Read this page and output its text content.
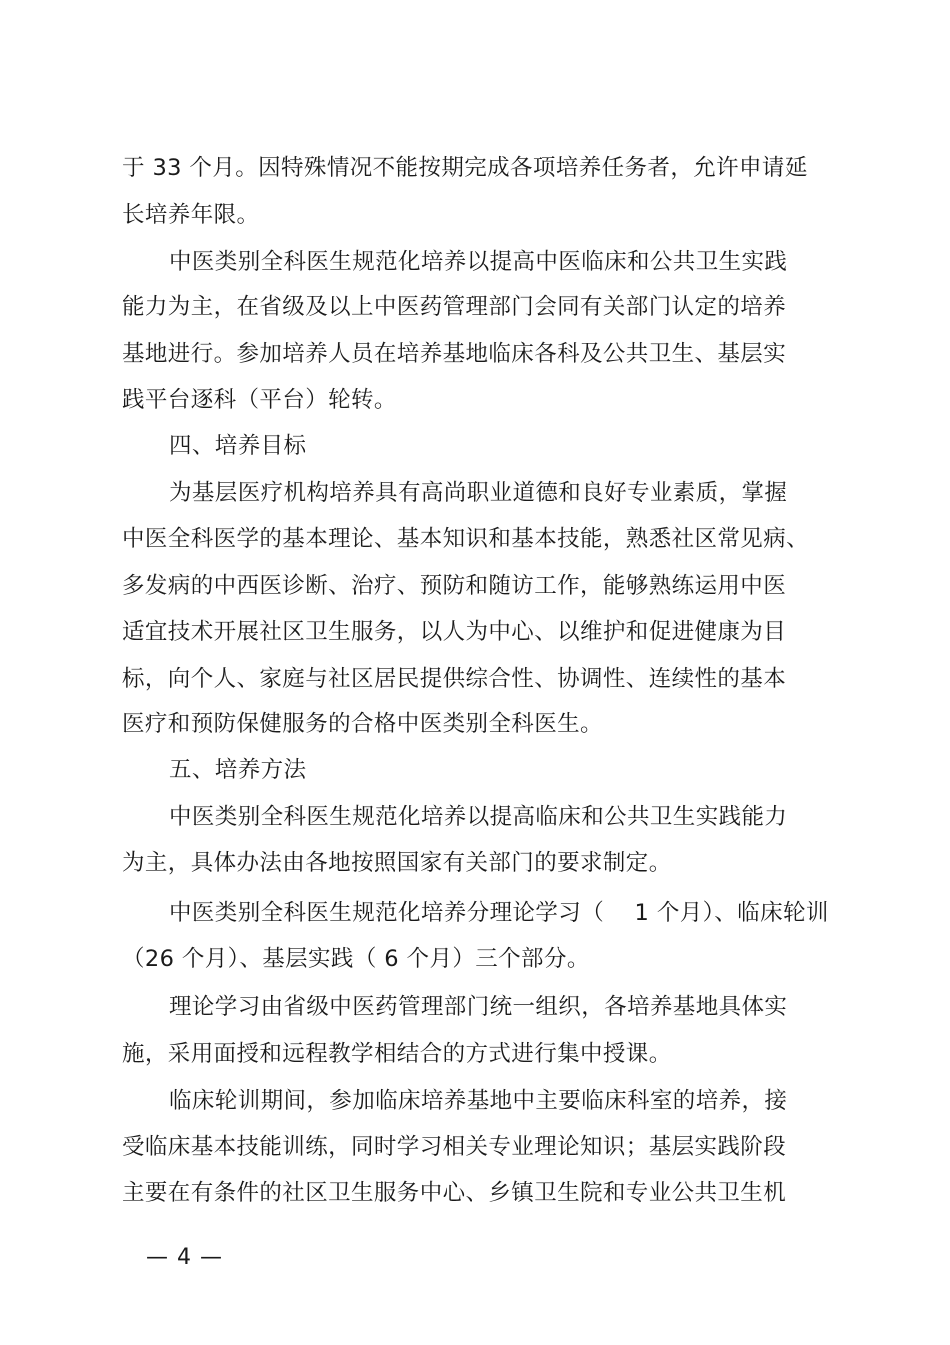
于 33 个月。因特殊情况不能按期完成各项培养任务者，允许申请延
长培养年限。
中医类别全科医生规范化培养以提高中医临床和公共卫生实践
能力为主，在省级及以上中医药管理部门会同有关部门认定的培养
基地进行。参加培养人员在培养基地临床各科及公共卫生、基层实
践平台逐科（平台）轮转。
四、培养目标
为基层医疗机构培养具有高尚职业道德和良好专业素质，掌握
中医全科医学的基本理论、基本知识和基本技能，熟悉社区常见病、
多发病的中西医诊断、治疗、预防和随访工作，能够熟练运用中医
适宜技术开展社区卫生服务，以人为中心、以维护和促进健康为目
标，向个人、家庭与社区居民提供综合性、协调性、连续性的基本
医疗和预防保健服务的合格中医类别全科医生。
五、培养方法
中医类别全科医生规范化培养以提高临床和公共卫生实践能力
为主，具体办法由各地按照国家有关部门的要求制定。
中医类别全科医生规范化培养分理论学习（　 1 个月）、临床轮训
（26 个月）、基层实践（ 6 个月）三个部分。
理论学习由省级中医药管理部门统一组织，各培养基地具体实
施，采用面授和远程教学相结合的方式进行集中授课。
临床轮训期间，参加临床培养基地中主要临床科室的培养，接
受临床基本技能训练，同时学习相关专业理论知识；基层实践阶段
主要在有条件的社区卫生服务中心、乡镇卫生院和专业公共卫生机
— 4 —
